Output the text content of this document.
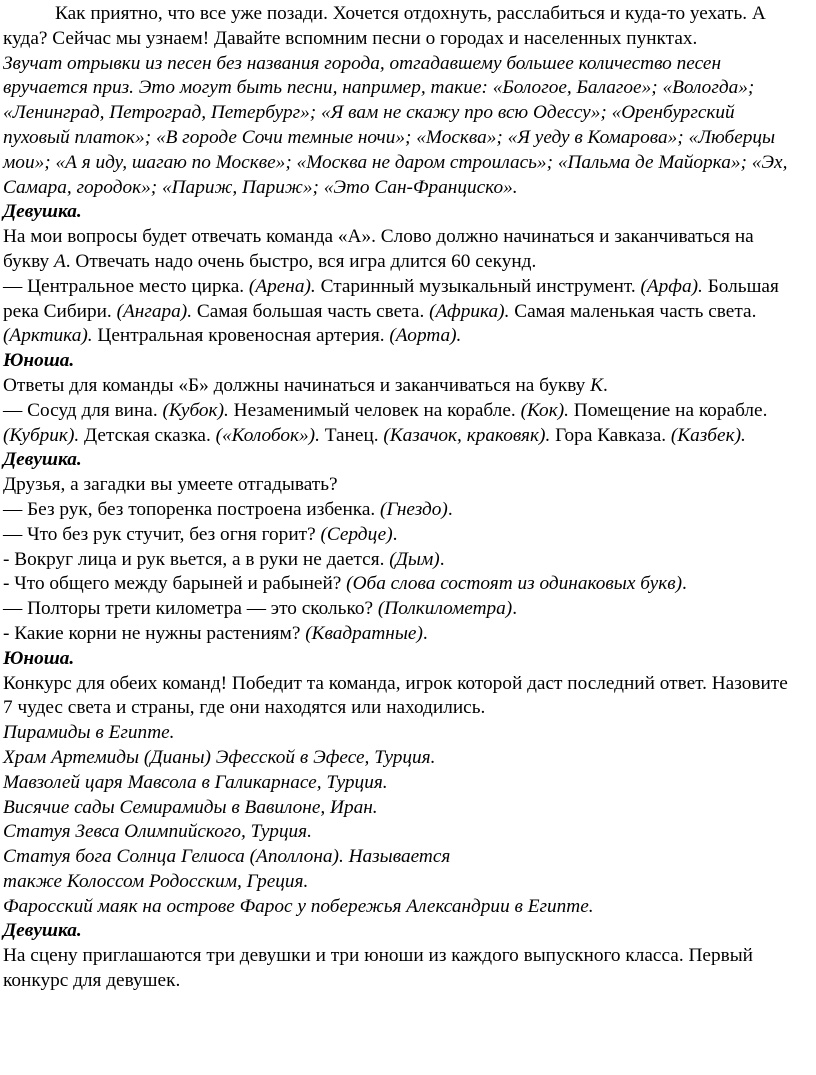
Как приятно, что все уже позади. Хочется отдохнуть, расслабиться и куда-то уехать. А куда? Сейчас мы узнаем! Давайте вспомним песни о городах и населенных пунктах.

Звучат отрывки из песен без названия города, отгадавшему большее количество песен вручается приз. Это могут быть песни, например, такие: «Бологое, Балагое»; «Вологда»; «Ленинград, Петроград, Петербург»; «Я вам не скажу про всю Одессу»; «Оренбургский пуховый платок»; «В городе Сочи темные ночи»; «Москва»; «Я уеду в Комарова»; «Люберцы мои»; «А я иду, шагаю по Москве»; «Москва не даром строилась»; «Пальма де Майорка»; «Эх, Самара, городок»; «Париж, Париж»; «Это Сан-Франциско».

Девушка.

На мои вопросы будет отвечать команда «А». Слово должно начинаться и заканчиваться на букву А. Отвечать надо очень быстро, вся игра длится 60 секунд.

— Центральное место цирка. (Арена). Старинный музыкальный инструмент. (Арфа). Большая река Сибири. (Ангара). Самая большая часть света. (Африка). Самая маленькая часть света. (Арктика). Центральная кровеносная артерия. (Аорта).

Юноша.

Ответы для команды «Б» должны начинаться и заканчиваться на букву К.

— Сосуд для вина. (Кубок). Незаменимый человек на корабле. (Кок). Помещение на корабле. (Кубрик). Детская сказка. («Колобок»). Танец. (Казачок, краковяк). Гора Кавказа. (Казбек).

Девушка.

Друзья, а загадки вы умеете отгадывать?

— Без рук, без топоренка построена избенка. (Гнездо).

— Что без рук стучит, без огня горит? (Сердце).

- Вокруг лица и рук вьется, а в руки не дается. (Дым).

- Что общего между барыней и рабыней? (Оба слова состоят из одинаковых букв).

— Полторы трети километра — это сколько? (Полкилометра).

- Какие корни не нужны растениям? (Квадратные).

Юноша.

Конкурс для обеих команд! Победит та команда, игрок которой даст последний ответ. Назовите 7 чудес света и страны, где они находятся или находились.

Пирамиды в Египте.

Храм Артемиды (Дианы) Эфесской в Эфесе, Турция.

Мавзолей царя Мавсола в Галикарнасе, Турция.

Висячие сады Семирамиды в Вавилоне, Иран.

Статуя Зевса Олимпийского, Турция.

Статуя бога Солнца Гелиоса (Аполлона). Называется

также Колоссом Родосским, Греция.

Фаросский маяк на острове Фарос у побережья Александрии в Египте.

Девушка.

На сцену приглашаются три девушки и три юноши из каждого выпускного класса. Первый конкурс для девушек.
